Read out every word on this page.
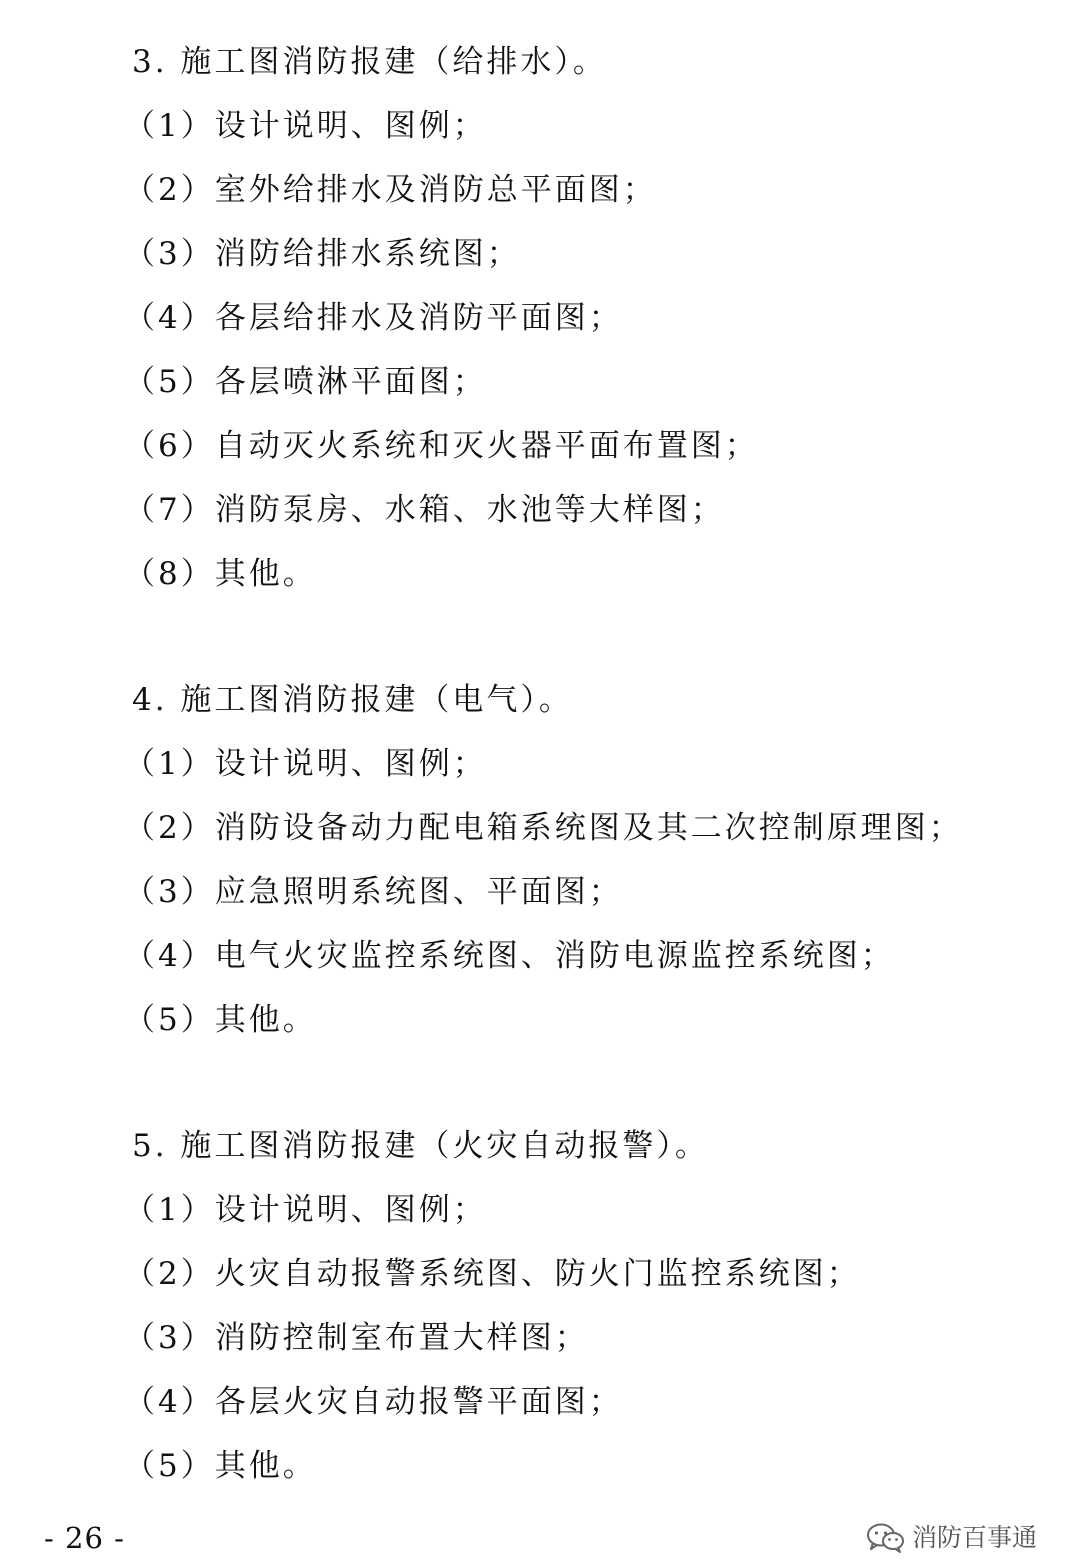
3. 施工图消防报建（给排水）。
（1）设计说明、图例；
（2）室外给排水及消防总平面图；
（3）消防给排水系统图；
（4）各层给排水及消防平面图；
（5）各层喷淋平面图；
（6）自动灭火系统和灭火器平面布置图；
（7）消防泵房、水箱、水池等大样图；
（8）其他。
4. 施工图消防报建（电气）。
（1）设计说明、图例；
（2）消防设备动力配电箱系统图及其二次控制原理图；
（3）应急照明系统图、平面图；
（4）电气火灾监控系统图、消防电源监控系统图；
（5）其他。
5. 施工图消防报建（火灾自动报警）。
（1）设计说明、图例；
（2）火灾自动报警系统图、防火门监控系统图；
（3）消防控制室布置大样图；
（4）各层火灾自动报警平面图；
（5）其他。
- 26 -	消防百事通
